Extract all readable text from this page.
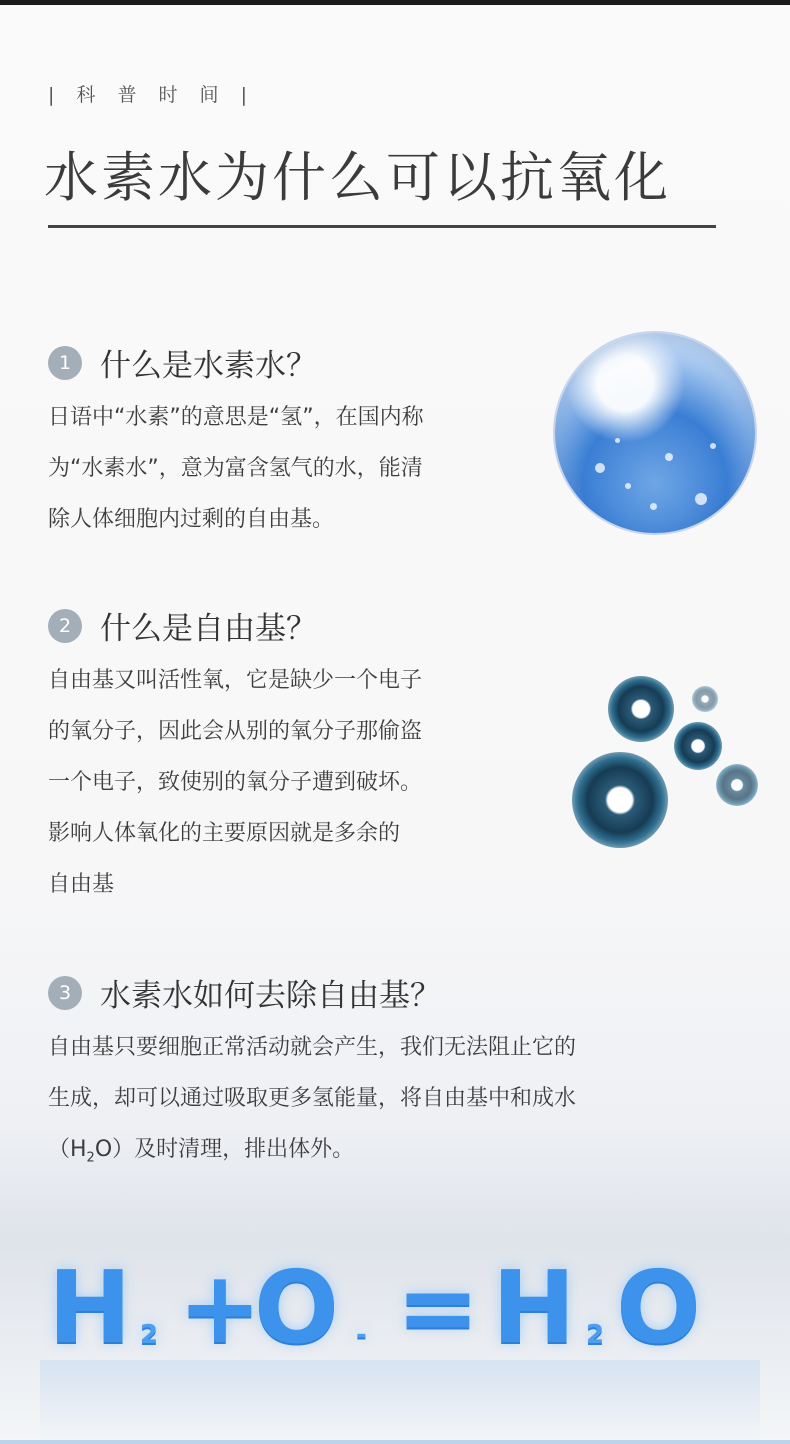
| 科 普 时 间 |
水素水为什么可以抗氧化
1 什么是水素水？
日语中“水素”的意思是“氢”，在国内称
为“水素水”，意为富含氢气的水，能清
除人体细胞内过剩的自由基。
2 什么是自由基？
自由基又叫活性氧，它是缺少一个电子
的氧分子，因此会从别的氧分子那偷盗
一个电子，致使别的氧分子遭到破坏。
影响人体氧化的主要原因就是多余的
自由基
3 水素水如何去除自由基？
自由基只要细胞正常活动就会产生，我们无法阻止它的
生成，却可以通过吸取更多氢能量，将自由基中和成水
$(H_2O)$及时清理，排出体外。
H 2 +
O - = H 2 O
